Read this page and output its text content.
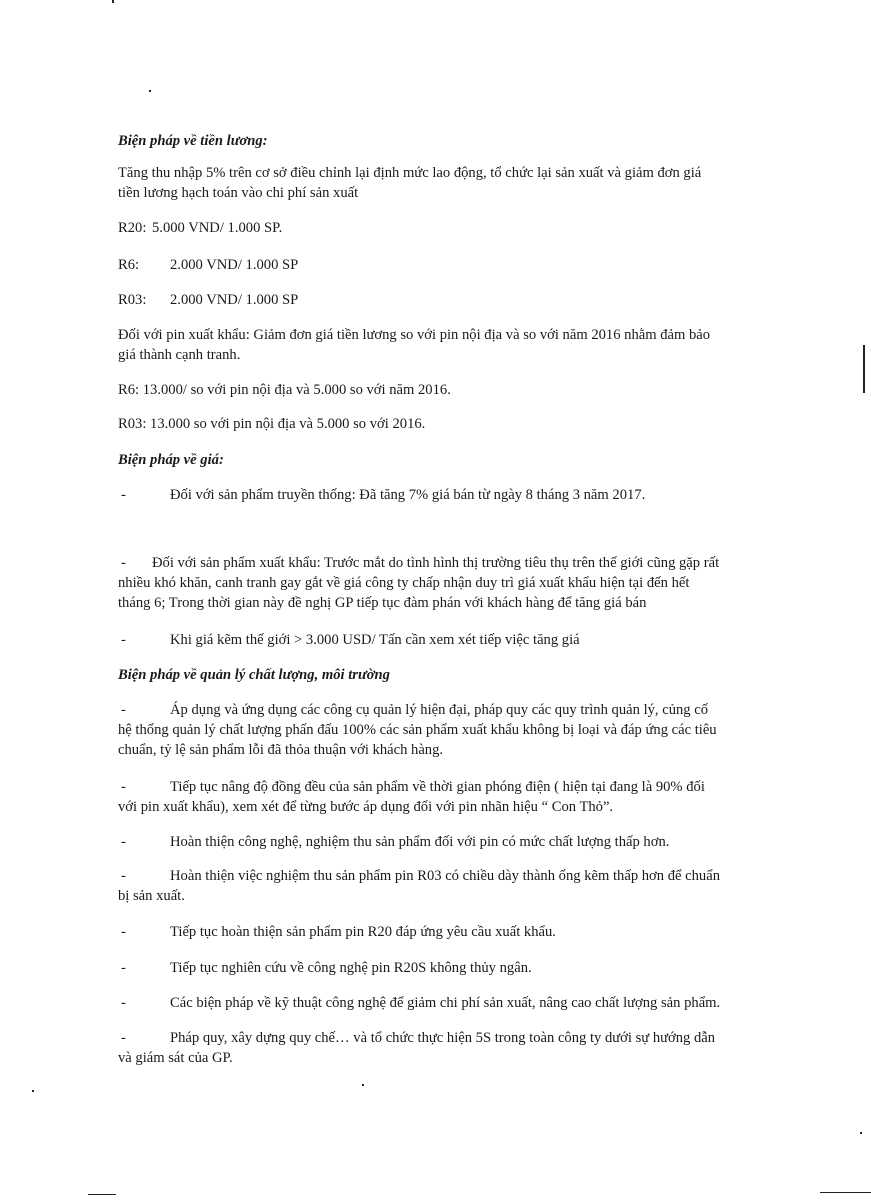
Biện pháp về tiền lương:
Tăng thu nhập 5% trên cơ sở điều chỉnh lại định mức lao động, tổ chức lại sản xuất và giảm đơn giá
tiền lương hạch toán vào chi phí sản xuất
R20: 5.000 VND/ 1.000 SP.
R6: 2.000 VND/ 1.000 SP
R03: 2.000 VND/ 1.000 SP
Đối với pin xuất khẩu: Giảm đơn giá tiền lương so với pin nội địa và so với năm 2016 nhằm đảm bảo
giá thành cạnh tranh.
R6: 13.000/ so với pin nội địa và 5.000 so với năm 2016.
R03: 13.000 so với pin nội địa và 5.000 so với 2016.
Biện pháp về giá:
-	Đối với sản phẩm truyền thống: Đã tăng 7% giá bán từ ngày 8 tháng 3 năm 2017.
- Đối với sản phẩm xuất khẩu: Trước mắt do tình hình thị trường tiêu thụ trên thế giới cũng gặp rất
nhiều khó khăn, canh tranh gay gắt về giá công ty chấp nhận duy trì giá xuất khẩu hiện tại đến hết
tháng 6; Trong thời gian này đề nghị GP tiếp tục đàm phán với khách hàng để tăng giá bán
-	Khi giá kẽm thế giới > 3.000 USD/ Tấn cần xem xét tiếp việc tăng giá
Biện pháp về quản lý chất lượng, môi trường
-	Áp dụng và ứng dụng các công cụ quản lý hiện đại, pháp quy các quy trình quản lý, củng cố
hệ thống quản lý chất lượng phấn đấu 100% các sản phẩm xuất khẩu không bị loại và đáp ứng các tiêu
chuẩn, tỷ lệ sản phẩm lỗi đã thỏa thuận với khách hàng.
-	Tiếp tục nâng độ đồng đều của sản phẩm về thời gian phóng điện ( hiện tại đang là 90% đối
với pin xuất khẩu), xem xét để từng bước áp dụng đối với pin nhãn hiệu “ Con Thỏ”.
-	Hoàn thiện công nghệ, nghiệm thu sản phẩm đối với pin có mức chất lượng thấp hơn.
-	Hoàn thiện việc nghiệm thu sản phẩm pin R03 có chiều dày thành ống kẽm thấp hơn để chuẩn
bị sản xuất.
-	Tiếp tục hoàn thiện sản phẩm pin R20 đáp ứng yêu cầu xuất khẩu.
-	Tiếp tục nghiên cứu về công nghệ pin R20S không thủy ngân.
-	Các biện pháp về kỹ thuật công nghệ để giảm chi phí sản xuất, nâng cao chất lượng sản phẩm.
-	Pháp quy, xây dựng quy chế… và tổ chức thực hiện 5S trong toàn công ty dưới sự hướng dẫn
và giám sát của GP.
